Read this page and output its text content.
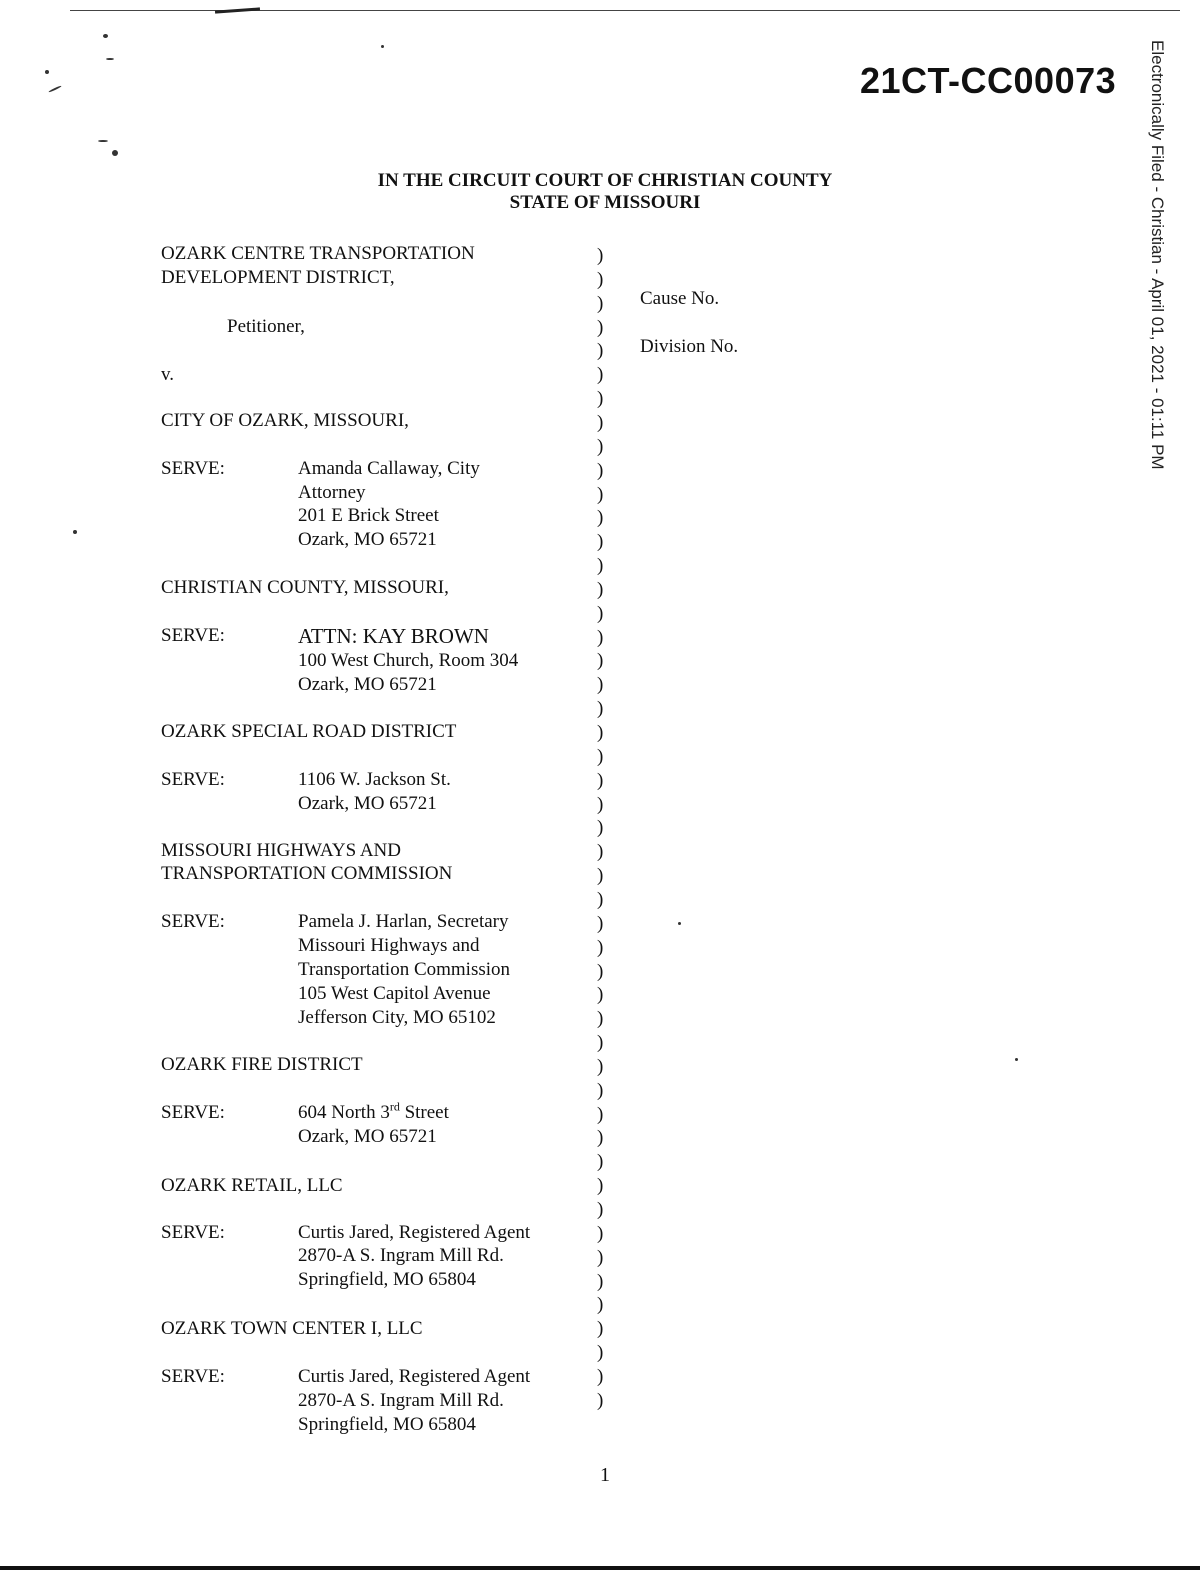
21CT-CC00073 Electronically Filed - Christian - April 01, 2021 - 01:11 PM
IN THE CIRCUIT COURT OF CHRISTIAN COUNTY
STATE OF MISSOURI
OZARK CENTRE TRANSPORTATION
DEVELOPMENT DISTRICT,
Petitioner,
v.
Cause No.
Division No.
CITY OF OZARK, MISSOURI,
SERVE:	Amanda Callaway, City
Attorney
201 E Brick Street
Ozark, MO 65721
CHRISTIAN COUNTY, MISSOURI,
SERVE:	ATTN: KAY BROWN
100 West Church, Room 304
Ozark, MO 65721
OZARK SPECIAL ROAD DISTRICT
SERVE:	1106 W. Jackson St.
Ozark, MO 65721
MISSOURI HIGHWAYS AND
TRANSPORTATION COMMISSION
SERVE:	Pamela J. Harlan, Secretary
Missouri Highways and
Transportation Commission
105 West Capitol Avenue
Jefferson City, MO 65102
OZARK FIRE DISTRICT
SERVE:	604 North 3rd Street
Ozark, MO 65721
OZARK RETAIL, LLC
SERVE:	Curtis Jared, Registered Agent
2870-A S. Ingram Mill Rd.
Springfield, MO 65804
OZARK TOWN CENTER I, LLC
SERVE:	Curtis Jared, Registered Agent
2870-A S. Ingram Mill Rd.
Springfield, MO 65804
)
)
)
)
)
)
)
)
)
)
)
)
)
)
)
)
)
)
)
)
)
)
)
)
)
)
)
)
)
)
)
)
)
)
)
)
)
)
)
)
)
)
)
)
)
)
)
)
)
1
